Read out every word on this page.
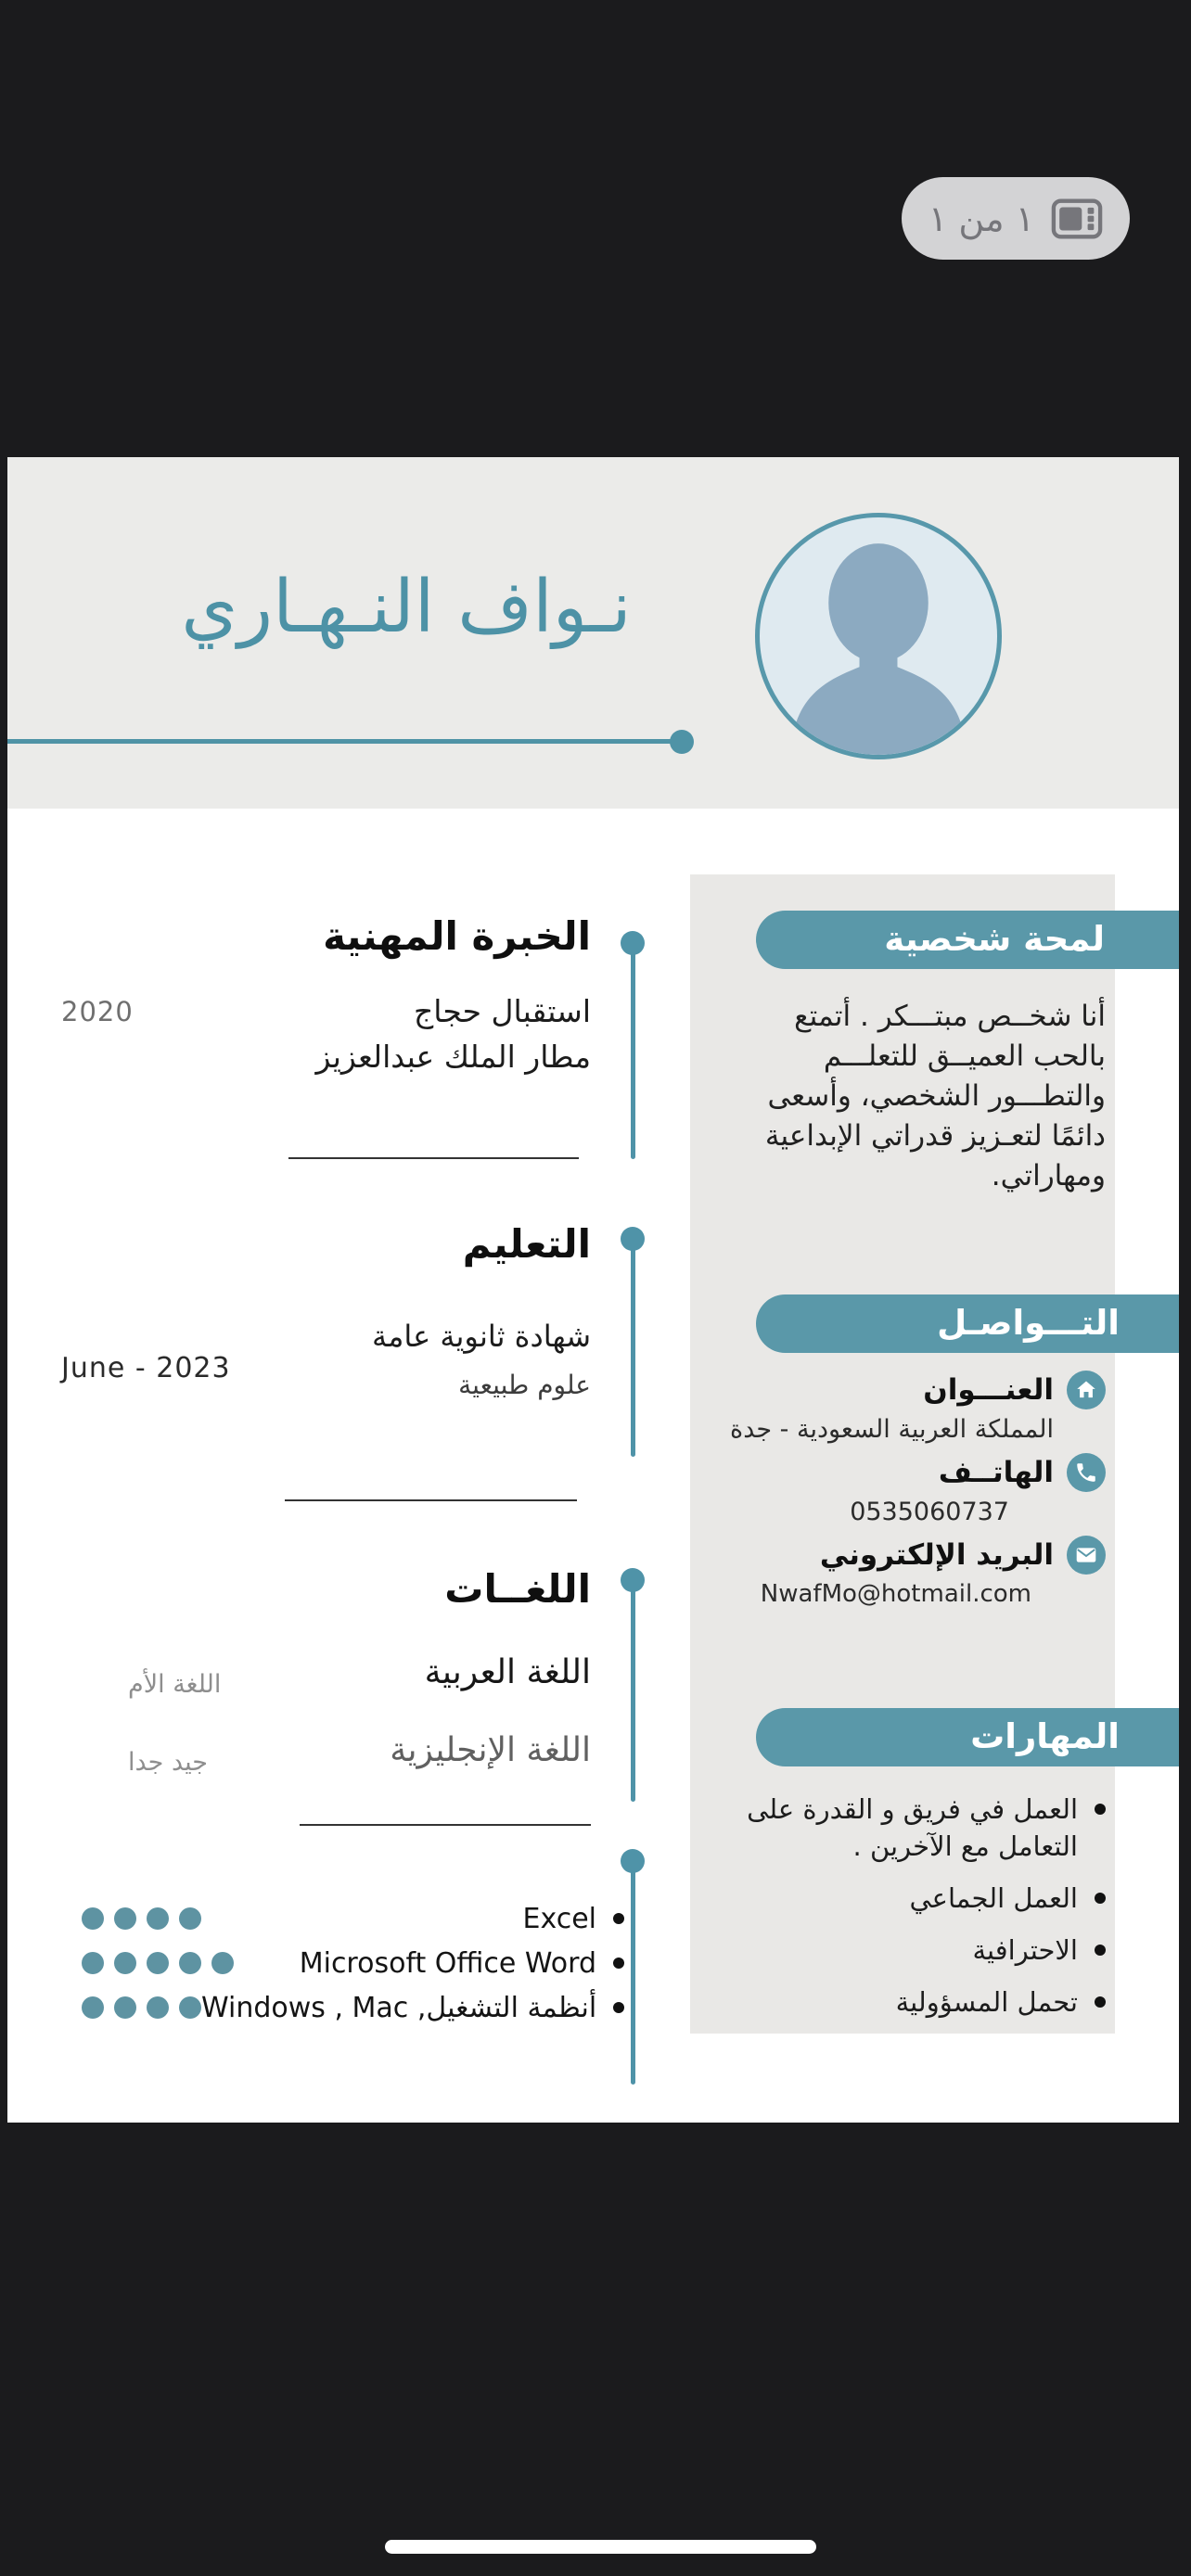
١ من ١
نـواف النـهـاري
الخبرة المهنية
استقبال حجاج
مطار الملك عبدالعزيز
2020
التعليم
شهادة ثانوية عامة
علوم طبيعية
June - 2023
اللغــات
اللغة العربية
اللغة الأم
اللغة الإنجليزية
جيد جدا
Excel
Microsoft Office Word
أنظمة التشغيل, Windows , Mac
لمحة شخصية
أنا شخــص مبتـــكر . أتمتع بالحب العميــق للتعلـــم والتطـــور الشخصي، وأسعى دائمًا لتعـزيز قدراتي الإبداعية ومهاراتي.
التـــواصـل
العنـــوان
المملكة العربية السعودية - جدة
الهاتــف
0535060737
البريد الإلكتروني
NwafMo@hotmail.com
المهارات
العمل في فريق و القدرة على التعامل مع الآخرين .
العمل الجماعي
الاحترافية
تحمل المسؤولية
